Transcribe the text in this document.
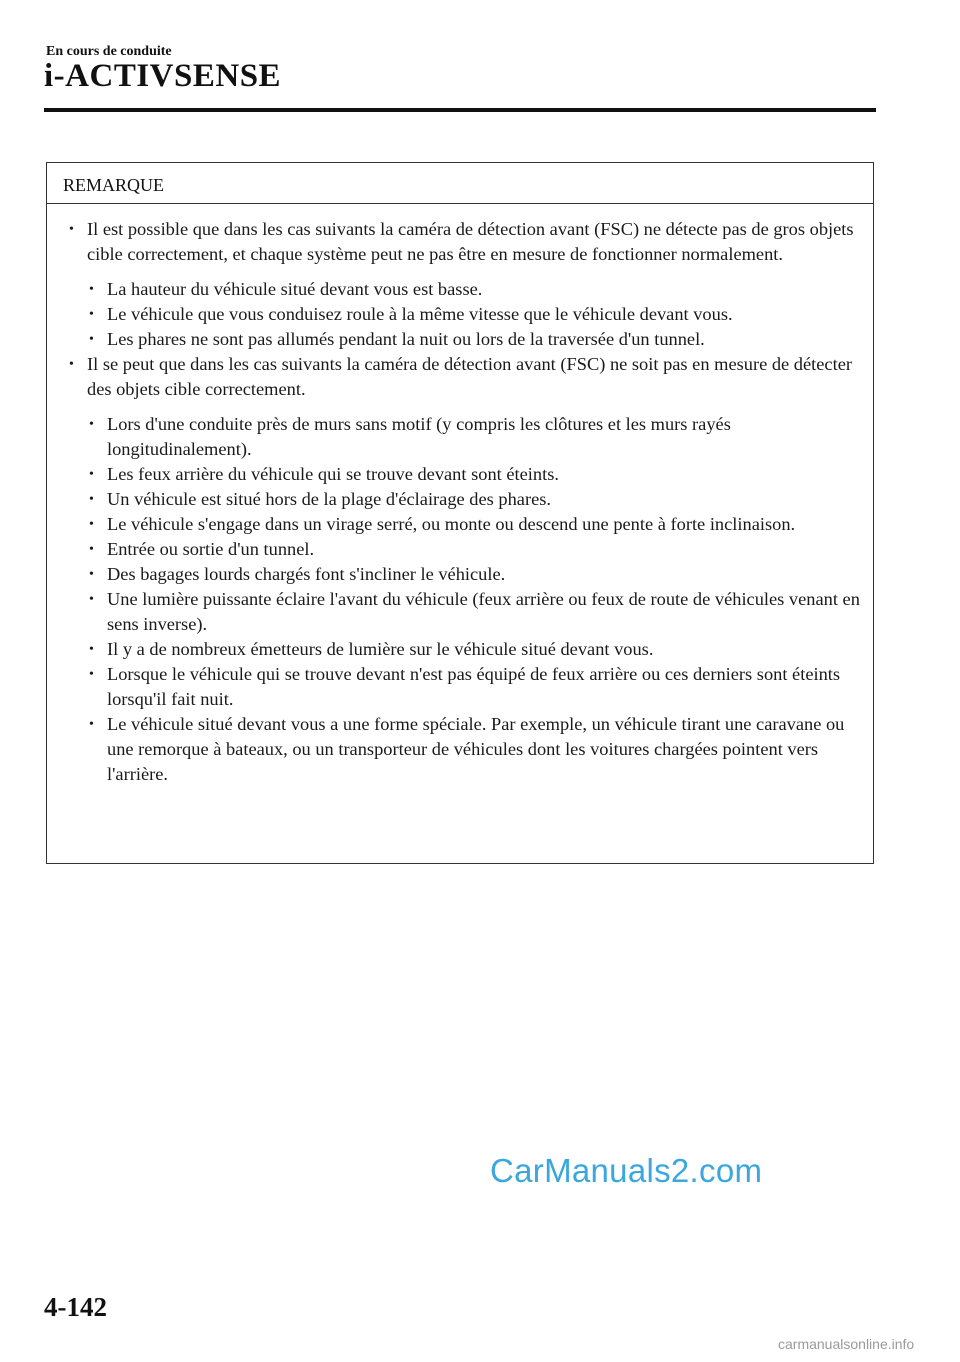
En cours de conduite
i-ACTIVSENSE
REMARQUE
• Il est possible que dans les cas suivants la caméra de détection avant (FSC) ne détecte pas de gros objets cible correctement, et chaque système peut ne pas être en mesure de fonctionner normalement.
• La hauteur du véhicule situé devant vous est basse.
• Le véhicule que vous conduisez roule à la même vitesse que le véhicule devant vous.
• Les phares ne sont pas allumés pendant la nuit ou lors de la traversée d'un tunnel.
• Il se peut que dans les cas suivants la caméra de détection avant (FSC) ne soit pas en mesure de détecter des objets cible correctement.
• Lors d'une conduite près de murs sans motif (y compris les clôtures et les murs rayés longitudinalement).
• Les feux arrière du véhicule qui se trouve devant sont éteints.
• Un véhicule est situé hors de la plage d'éclairage des phares.
• Le véhicule s'engage dans un virage serré, ou monte ou descend une pente à forte inclinaison.
• Entrée ou sortie d'un tunnel.
• Des bagages lourds chargés font s'incliner le véhicule.
• Une lumière puissante éclaire l'avant du véhicule (feux arrière ou feux de route de véhicules venant en sens inverse).
• Il y a de nombreux émetteurs de lumière sur le véhicule situé devant vous.
• Lorsque le véhicule qui se trouve devant n'est pas équipé de feux arrière ou ces derniers sont éteints lorsqu'il fait nuit.
• Le véhicule situé devant vous a une forme spéciale. Par exemple, un véhicule tirant une caravane ou une remorque à bateaux, ou un transporteur de véhicules dont les voitures chargées pointent vers l'arrière.
4-142
CarManuals2.com
carmanualsonline.info
